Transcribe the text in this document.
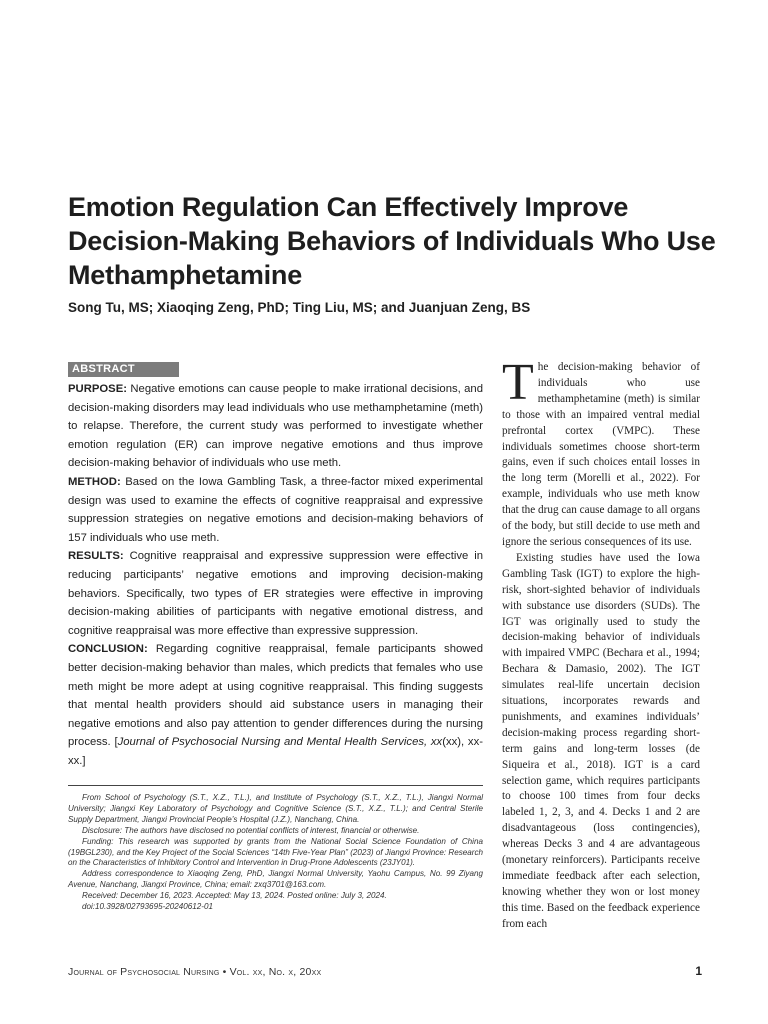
Emotion Regulation Can Effectively Improve Decision-Making Behaviors of Individuals Who Use Methamphetamine

Song Tu, MS; Xiaoqing Zeng, PhD; Ting Liu, MS; and Juanjuan Zeng, BS

ABSTRACT

PURPOSE: Negative emotions can cause people to make irrational decisions, and decision-making disorders may lead individuals who use methamphetamine (meth) to relapse. Therefore, the current study was performed to investigate whether emotion regulation (ER) can improve negative emotions and thus improve decision-making behavior of individuals who use meth.

METHOD: Based on the Iowa Gambling Task, a three-factor mixed experimental design was used to examine the effects of cognitive reappraisal and expressive suppression strategies on negative emotions and decision-making behaviors of 157 individuals who use meth.

RESULTS: Cognitive reappraisal and expressive suppression were effective in reducing participants’ negative emotions and improving decision-making behaviors. Specifically, two types of ER strategies were effective in improving decision-making abilities of participants with negative emotional distress, and cognitive reappraisal was more effective than expressive suppression.

CONCLUSION: Regarding cognitive reappraisal, female participants showed better decision-making behavior than males, which predicts that females who use meth might be more adept at using cognitive reappraisal. This finding suggests that mental health providers should aid substance users in managing their negative emotions and also pay attention to gender differences during the nursing process. [Journal of Psychosocial Nursing and Mental Health Services, xx(xx), xx-xx.]

From School of Psychology (S.T., X.Z., T.L.), and Institute of Psychology (S.T., X.Z., T.L.), Jiangxi Normal University; Jiangxi Key Laboratory of Psychology and Cognitive Science (S.T., X.Z., T.L.); and Central Sterile Supply Department, Jiangxi Provincial People’s Hospital (J.Z.), Nanchang, China.

Disclosure: The authors have disclosed no potential conflicts of interest, financial or otherwise.

Funding: This research was supported by grants from the National Social Science Foundation of China (19BGL230), and the Key Project of the Social Sciences “14th Five-Year Plan” (2023) of Jiangxi Province: Research on the Characteristics of Inhibitory Control and Intervention in Drug-Prone Adolescents (23JY01).

Address correspondence to Xiaoqing Zeng, PhD, Jiangxi Normal University, Yaohu Campus, No. 99 Ziyang Avenue, Nanchang, Jiangxi Province, China; email: zxq3701@163.com.

Received: December 16, 2023. Accepted: May 13, 2024. Posted online: July 3, 2024.

doi:10.3928/02793695-20240612-01

The decision-making behavior of individuals who use methamphetamine (meth) is similar to those with an impaired ventral medial prefrontal cortex (VMPC). These individuals sometimes choose short-term gains, even if such choices entail losses in the long term (Morelli et al., 2022). For example, individuals who use meth know that the drug can cause damage to all organs of the body, but still decide to use meth and ignore the serious consequences of its use.

Existing studies have used the Iowa Gambling Task (IGT) to explore the high-risk, short-sighted behavior of individuals with substance use disorders (SUDs). The IGT was originally used to study the decision-making behavior of individuals with impaired VMPC (Bechara et al., 1994; Bechara & Damasio, 2002). The IGT simulates real-life uncertain decision situations, incorporates rewards and punishments, and examines individuals’ decision-making process regarding short-term gains and long-term losses (de Siqueira et al., 2018). IGT is a card selection game, which requires participants to choose 100 times from four decks labeled 1, 2, 3, and 4. Decks 1 and 2 are disadvantageous (loss contingencies), whereas Decks 3 and 4 are advantageous (monetary reinforcers). Participants receive immediate feedback after each selection, knowing whether they won or lost money this time. Based on the feedback experience from each

Journal of Psychosocial Nursing • Vol. xx, No. x, 20xx	1
